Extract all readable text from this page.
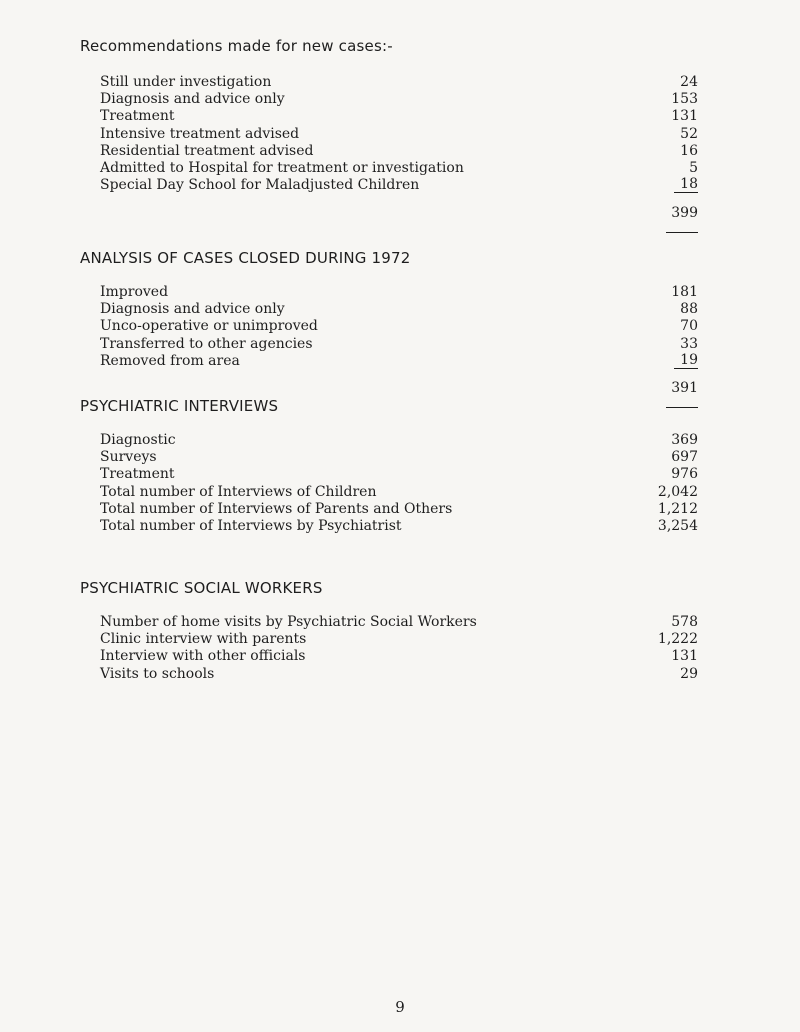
Recommendations made for new cases:-
Still under investigation	24
Diagnosis and advice only	153
Treatment	131
Intensive treatment advised	52
Residential treatment advised	16
Admitted to Hospital for treatment or investigation	5
Special Day School for Maladjusted Children	18
399
ANALYSIS OF CASES CLOSED DURING 1972
Improved	181
Diagnosis and advice only	88
Unco-operative or unimproved	70
Transferred to other agencies	33
Removed from area	19
391
PSYCHIATRIC INTERVIEWS
Diagnostic	369
Surveys	697
Treatment	976
Total number of Interviews of Children	2,042
Total number of Interviews of Parents and Others	1,212
Total number of Interviews by Psychiatrist	3,254
PSYCHIATRIC SOCIAL WORKERS
Number of home visits by Psychiatric Social Workers	578
Clinic interview with parents	1,222
Interview with other officials	131
Visits to schools	29
9
